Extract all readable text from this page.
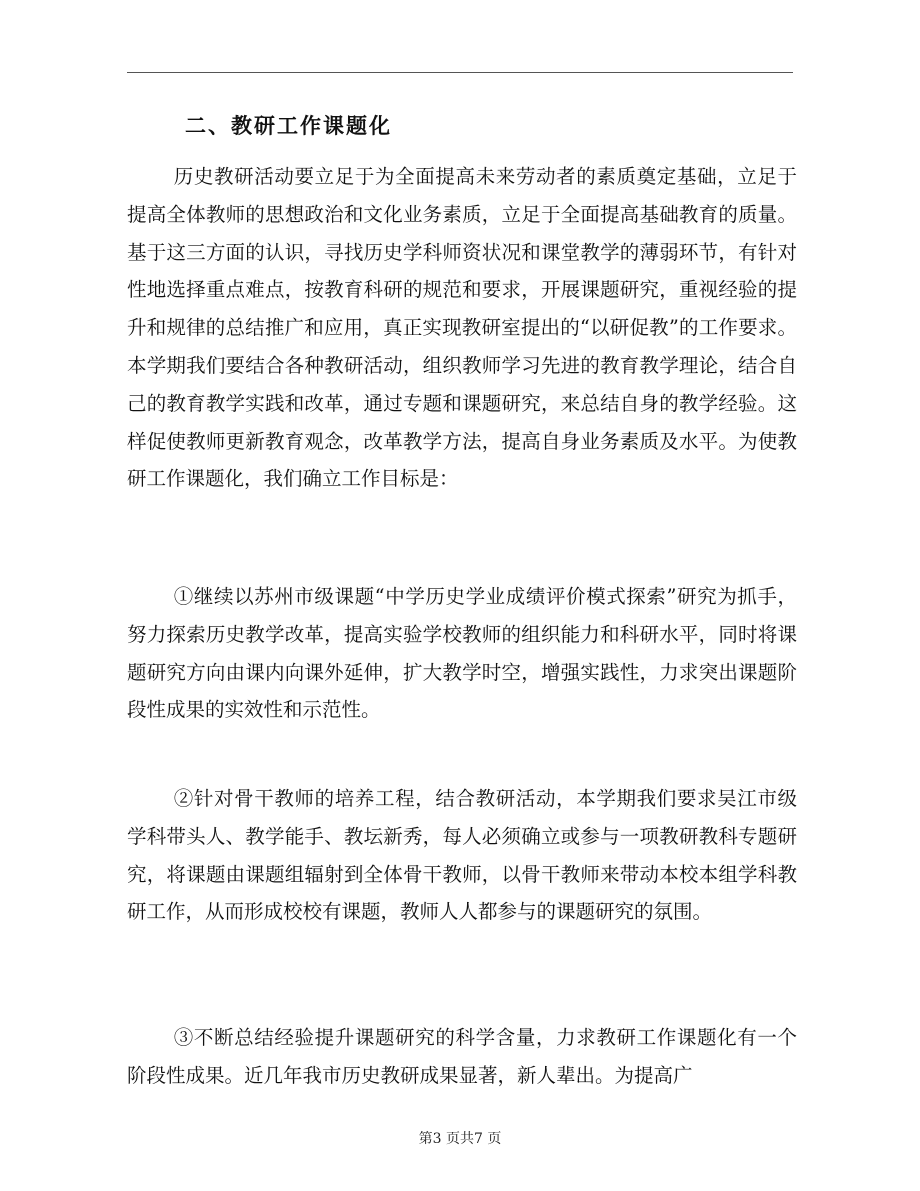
二、教研工作课题化

历史教研活动要立足于为全面提高未来劳动者的素质奠定基础，立足于提高全体教师的思想政治和文化业务素质，立足于全面提高基础教育的质量。基于这三方面的认识，寻找历史学科师资状况和课堂教学的薄弱环节，有针对性地选择重点难点，按教育科研的规范和要求，开展课题研究，重视经验的提升和规律的总结推广和应用，真正实现教研室提出的“以研促教”的工作要求。本学期我们要结合各种教研活动，组织教师学习先进的教育教学理论，结合自己的教育教学实践和改革，通过专题和课题研究，来总结自身的教学经验。这样促使教师更新教育观念，改革教学方法，提高自身业务素质及水平。为使教研工作课题化，我们确立工作目标是：

①继续以苏州市级课题“中学历史学业成绩评价模式探索”研究为抓手，努力探索历史教学改革，提高实验学校教师的组织能力和科研水平，同时将课题研究方向由课内向课外延伸，扩大教学时空，增强实践性，力求突出课题阶段性成果的实效性和示范性。

②针对骨干教师的培养工程，结合教研活动，本学期我们要求吴江市级学科带头人、教学能手、教坛新秀，每人必须确立或参与一项教研教科专题研究，将课题由课题组辐射到全体骨干教师，以骨干教师来带动本校本组学科教研工作，从而形成校校有课题，教师人人都参与的课题研究的氛围。

③不断总结经验提升课题研究的科学含量，力求教研工作课题化有一个阶段性成果。近几年我市历史教研成果显著，新人辈出。为提高广

第3 页共7 页
